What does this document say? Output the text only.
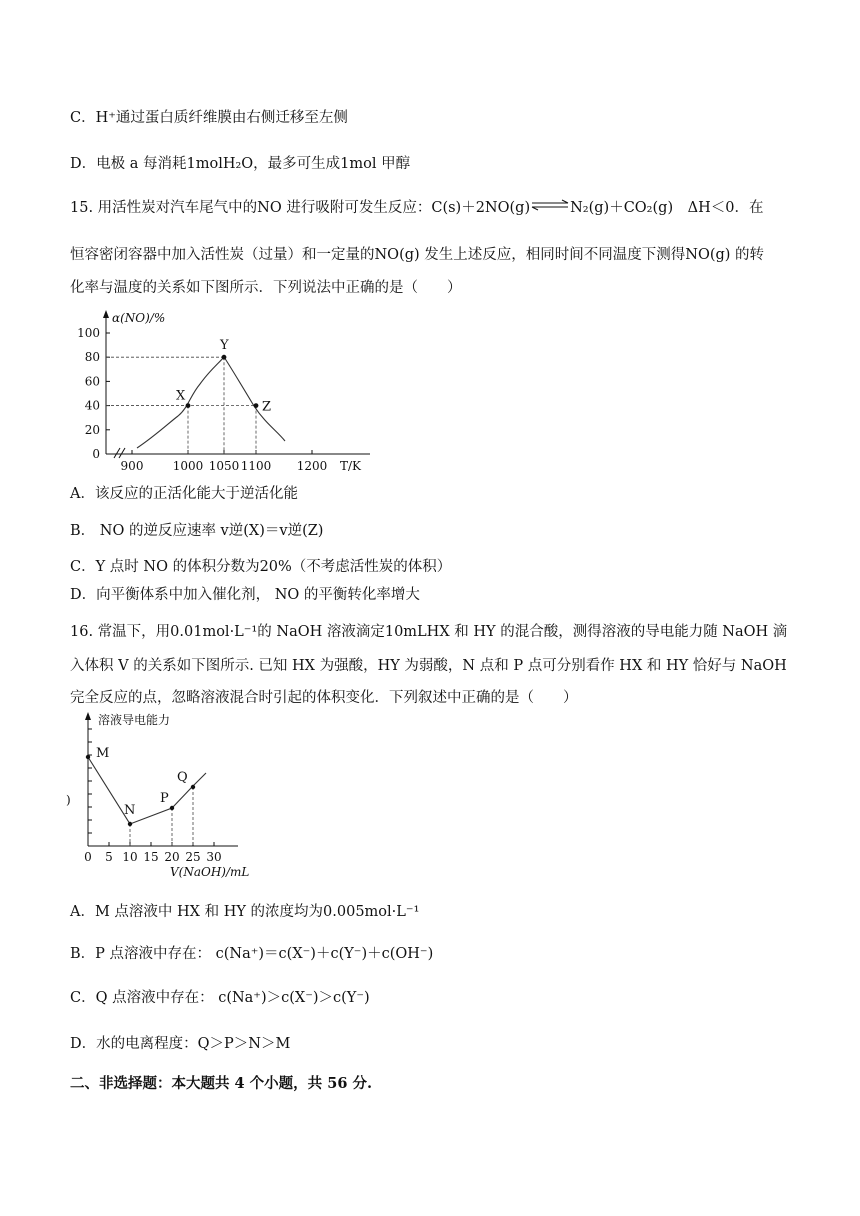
C．H⁺通过蛋白质纤维膜由右侧迁移至左侧
D．电极 a 每消耗1molH₂O，最多可生成1mol 甲醇
15. 用活性炭对汽车尾气中的NO 进行吸附可发生反应：C(s)＋2NO(g)⇌N₂(g)＋CO₂(g)　ΔH＜0．在
恒容密闭容器中加入活性炭（过量）和一定量的NO(g) 发生上述反应，相同时间不同温度下测得NO(g) 的转
化率与温度的关系如下图所示．下列说法中正确的是（　　）
0
20
40
60
80
100
900 1000 1050 1100 1200
X
Y
Z
α(NO)/%
T/K
A．该反应的正活化能大于逆活化能
B． NO 的逆反应速率 v逆(X)＝v逆(Z)
C．Y 点时 NO 的体积分数为20%（不考虑活性炭的体积）
D．向平衡体系中加入催化剂， NO 的平衡转化率增大
16. 常温下，用0.01mol·L⁻¹的 NaOH 溶液滴定10mLHX 和 HY 的混合酸，测得溶液的导电能力随 NaOH 滴
入体积 V 的关系如下图所示. 已知 HX 为强酸，HY 为弱酸，N 点和 P 点可分别看作 HX 和 HY 恰好与 NaOH
完全反应的点，忽略溶液混合时引起的体积变化．下列叙述中正确的是（　　）
0 5 10 15 20 25 30
M
N
P
Q
溶液导电能力
V(NaOH)/mL
)
A．M 点溶液中 HX 和 HY 的浓度均为0.005mol·L⁻¹
B．P 点溶液中存在： c(Na⁺)＝c(X⁻)＋c(Y⁻)＋c(OH⁻)
C．Q 点溶液中存在： c(Na⁺)＞c(X⁻)＞c(Y⁻)
D．水的电离程度：Q＞P＞N＞M
二、非选择题：本大题共 4 个小题，共 56 分.
